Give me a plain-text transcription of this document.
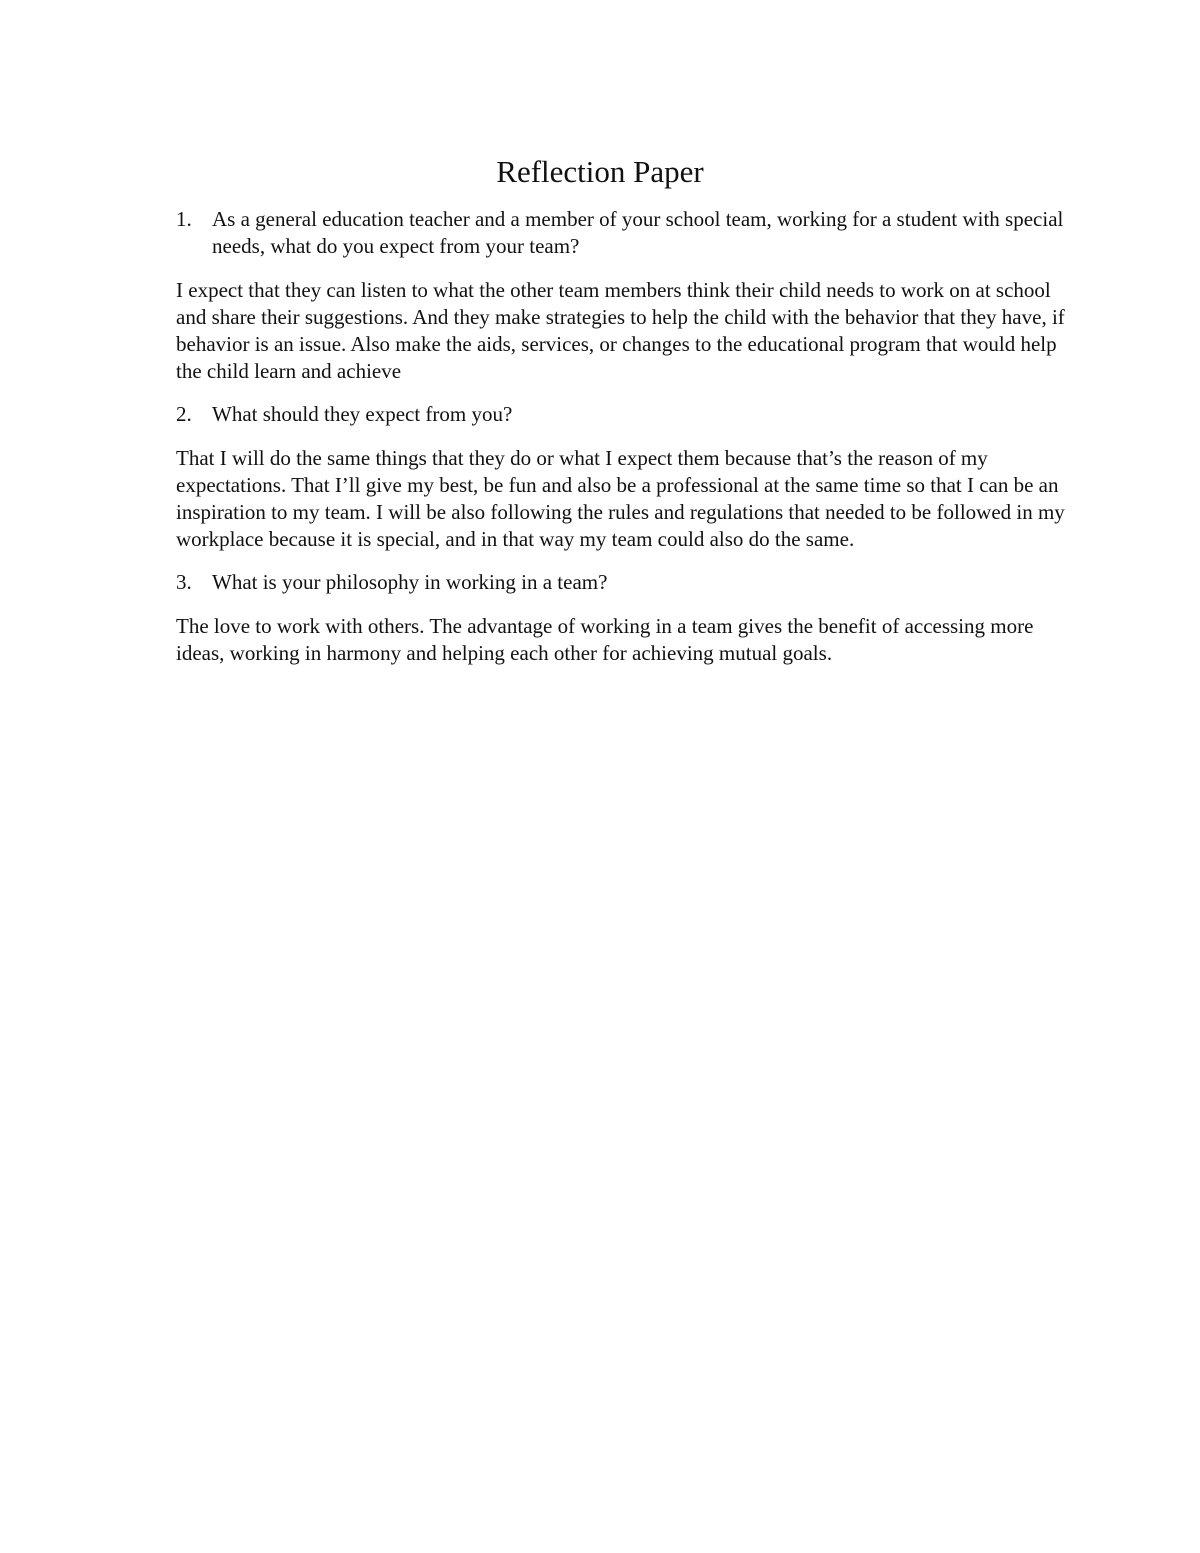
Reflection Paper

1. As a general education teacher and a member of your school team, working for a student with special needs, what do you expect from your team?

I expect that they can listen to what the other team members think their child needs to work on at school and share their suggestions. And they make strategies to help the child with the behavior that they have, if behavior is an issue. Also make the aids, services, or changes to the educational program that would help the child learn and achieve

2. What should they expect from you?

That I will do the same things that they do or what I expect them because that’s the reason of my expectations. That I’ll give my best, be fun and also be a professional at the same time so that I can be an inspiration to my team. I will be also following the rules and regulations that needed to be followed in my workplace because it is special, and in that way my team could also do the same.

3. What is your philosophy in working in a team?

The love to work with others. The advantage of working in a team gives the benefit of accessing more ideas, working in harmony and helping each other for achieving mutual goals.
